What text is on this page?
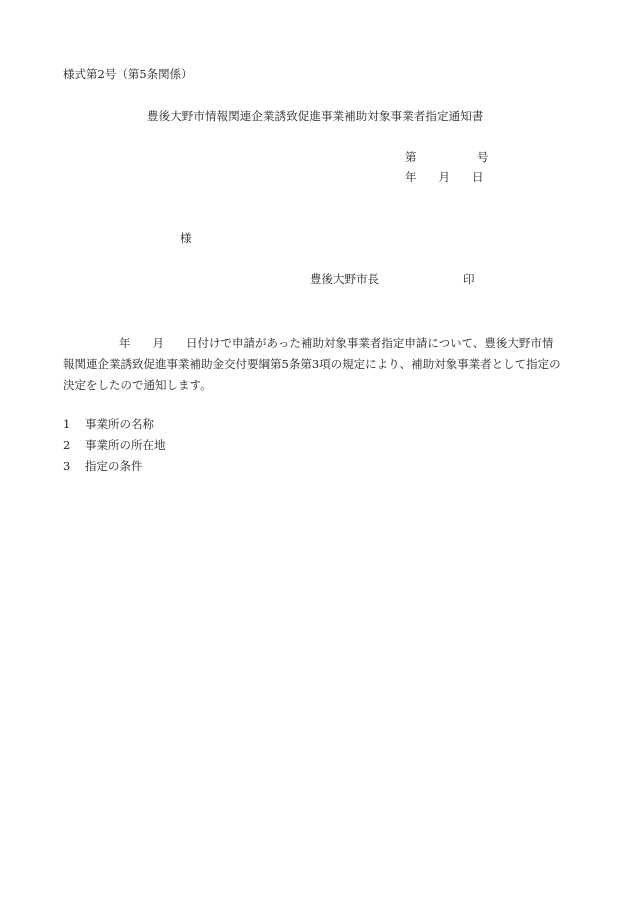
様式第2号（第5条関係）
豊後大野市情報関連企業誘致促進事業補助対象事業者指定通知書
第	号
年 月 日
様
豊後大野市長	印
年 月 日付けで申請があった補助対象事業者指定申請について、豊後大野市情
報関連企業誘致促進事業補助金交付要綱第5条第3項の規定により、補助対象事業者として指定の
決定をしたので通知します。
1 事業所の名称
2 事業所の所在地
3 指定の条件
